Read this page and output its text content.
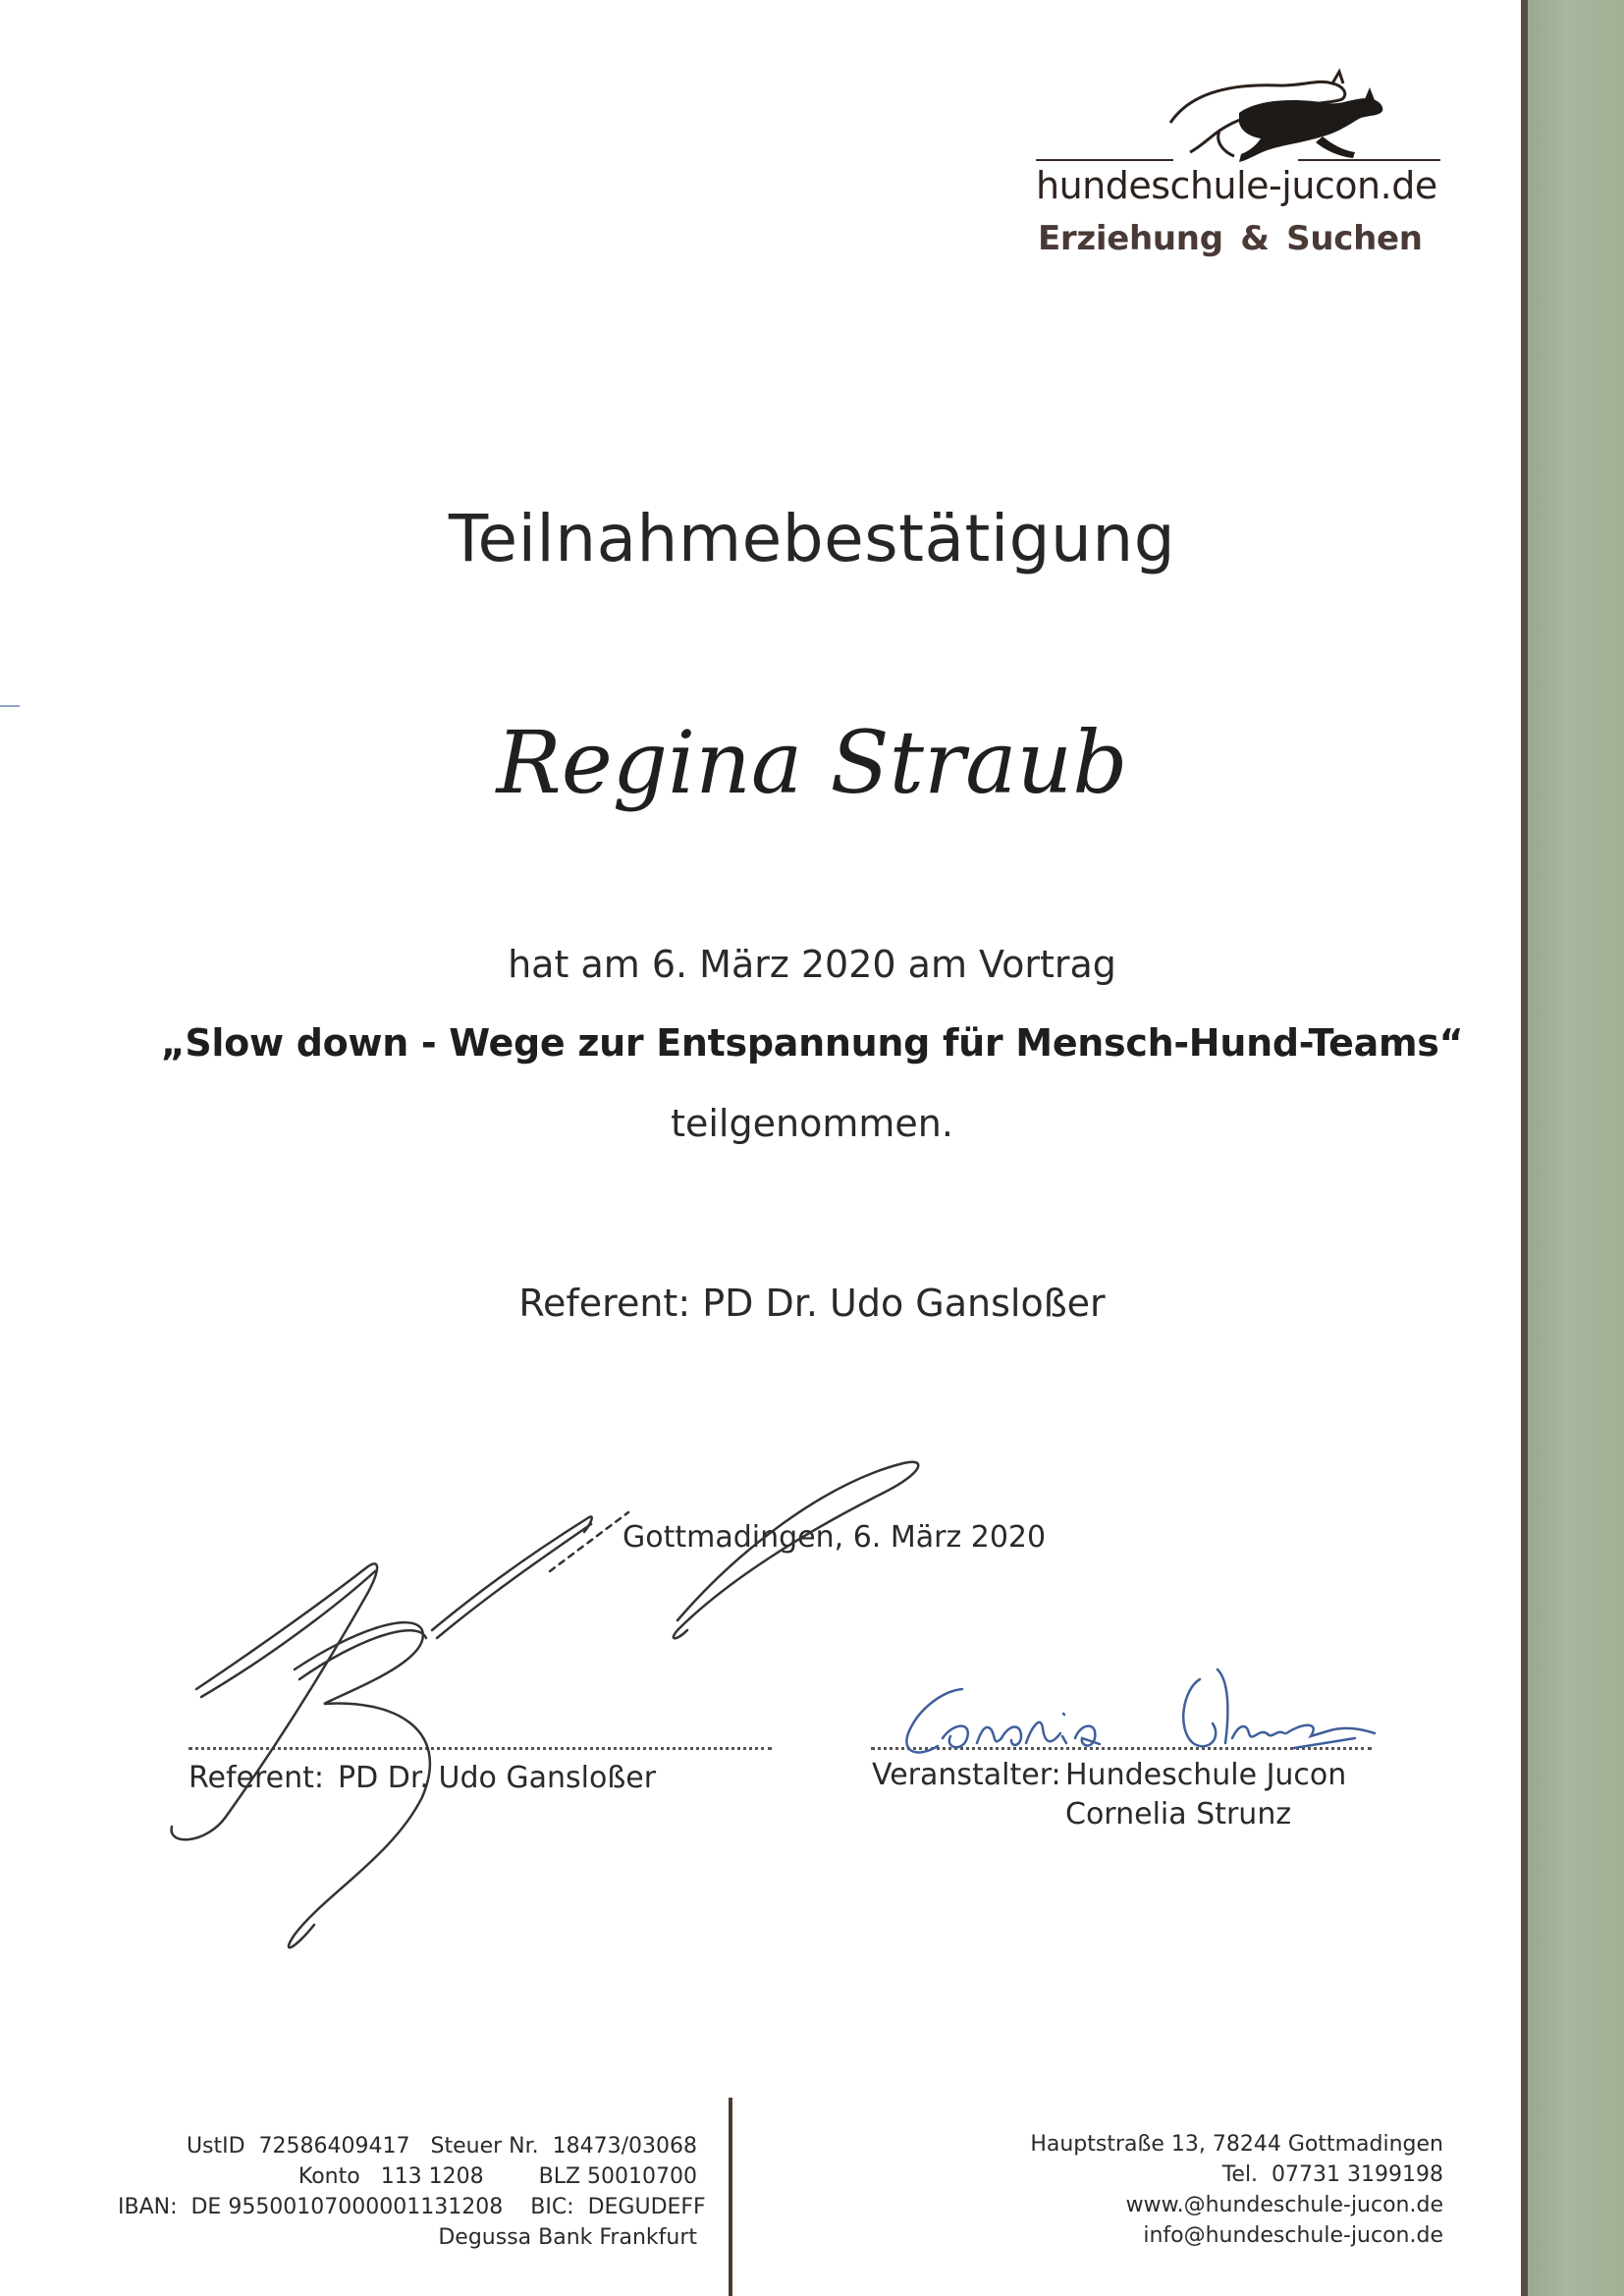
hundeschule-jucon.de
Erziehung & Suchen
Teilnahmebestätigung
Regina Straub
hat am 6. März 2020 am Vortrag
„Slow down - Wege zur Entspannung für Mensch-Hund-Teams“
teilgenommen.
Referent: PD Dr. Udo Gansloßer
Gottmadingen, 6. März 2020
Referent: PD Dr. Udo Gansloßer	Veranstalter: Hundeschule Jucon
Cornelia Strunz
UstID  72586409417   Steuer Nr.  18473/03068
Konto   113 1208        BLZ 50010700
IBAN:  DE 95500107000001131208    BIC:  DEGUDEFF
Degussa Bank Frankfurt
Hauptstraße 13, 78244 Gottmadingen
Tel.  07731 3199198
www.@hundeschule-jucon.de
info@hundeschule-jucon.de
